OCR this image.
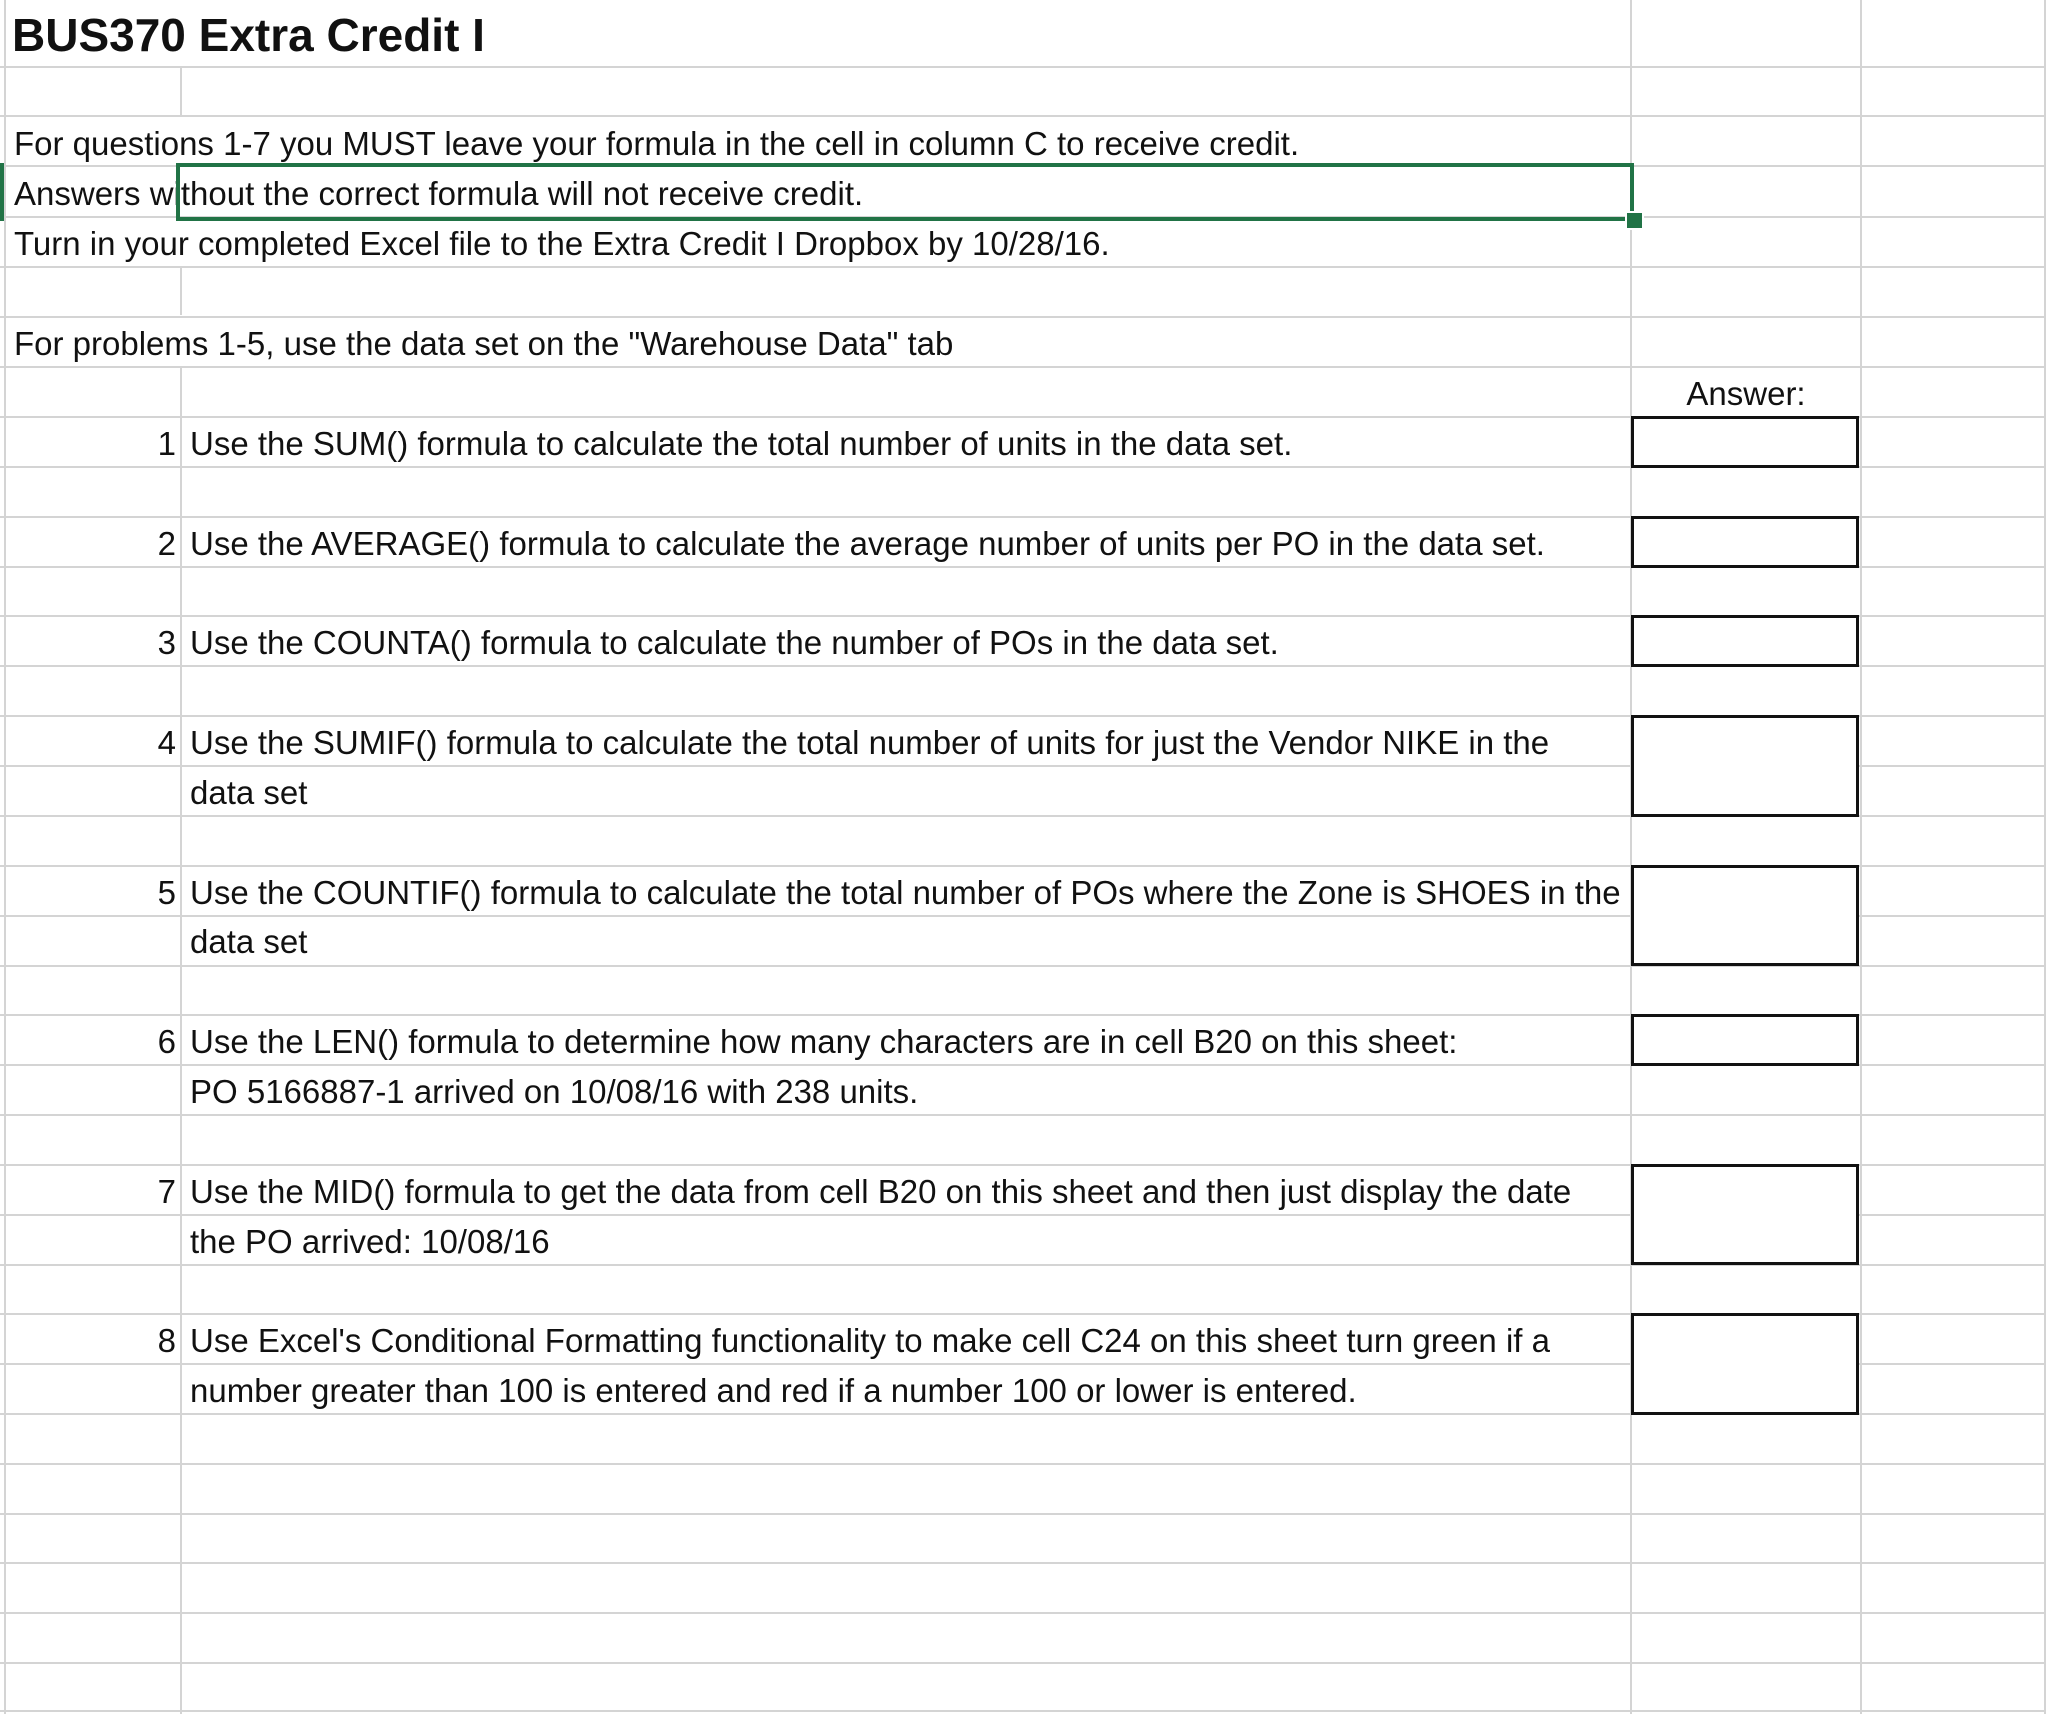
BUS370 Extra Credit I
For questions 1-7 you MUST leave your formula in the cell in column C to receive credit.
Answers without the correct formula will not receive credit.
Turn in your completed Excel file to the Extra Credit I Dropbox by 10/28/16.
For problems 1-5, use the data set on the "Warehouse Data" tab
Answer:
1 Use the SUM() formula to calculate the total number of units in the data set.
2 Use the AVERAGE() formula to calculate the average number of units per PO in the data set.
3 Use the COUNTA() formula to calculate the number of POs in the data set.
4 Use the SUMIF() formula to calculate the total number of units for just the Vendor NIKE in the
data set
5 Use the COUNTIF() formula to calculate the total number of POs where the Zone is SHOES in the
data set
6 Use the LEN() formula to determine how many characters are in cell B20 on this sheet:
PO 5166887-1 arrived on 10/08/16 with 238 units.
7 Use the MID() formula to get the data from cell B20 on this sheet and then just display the date
the PO arrived: 10/08/16
8 Use Excel's Conditional Formatting functionality to make cell C24 on this sheet turn green if a
number greater than 100 is entered and red if a number 100 or lower is entered.
